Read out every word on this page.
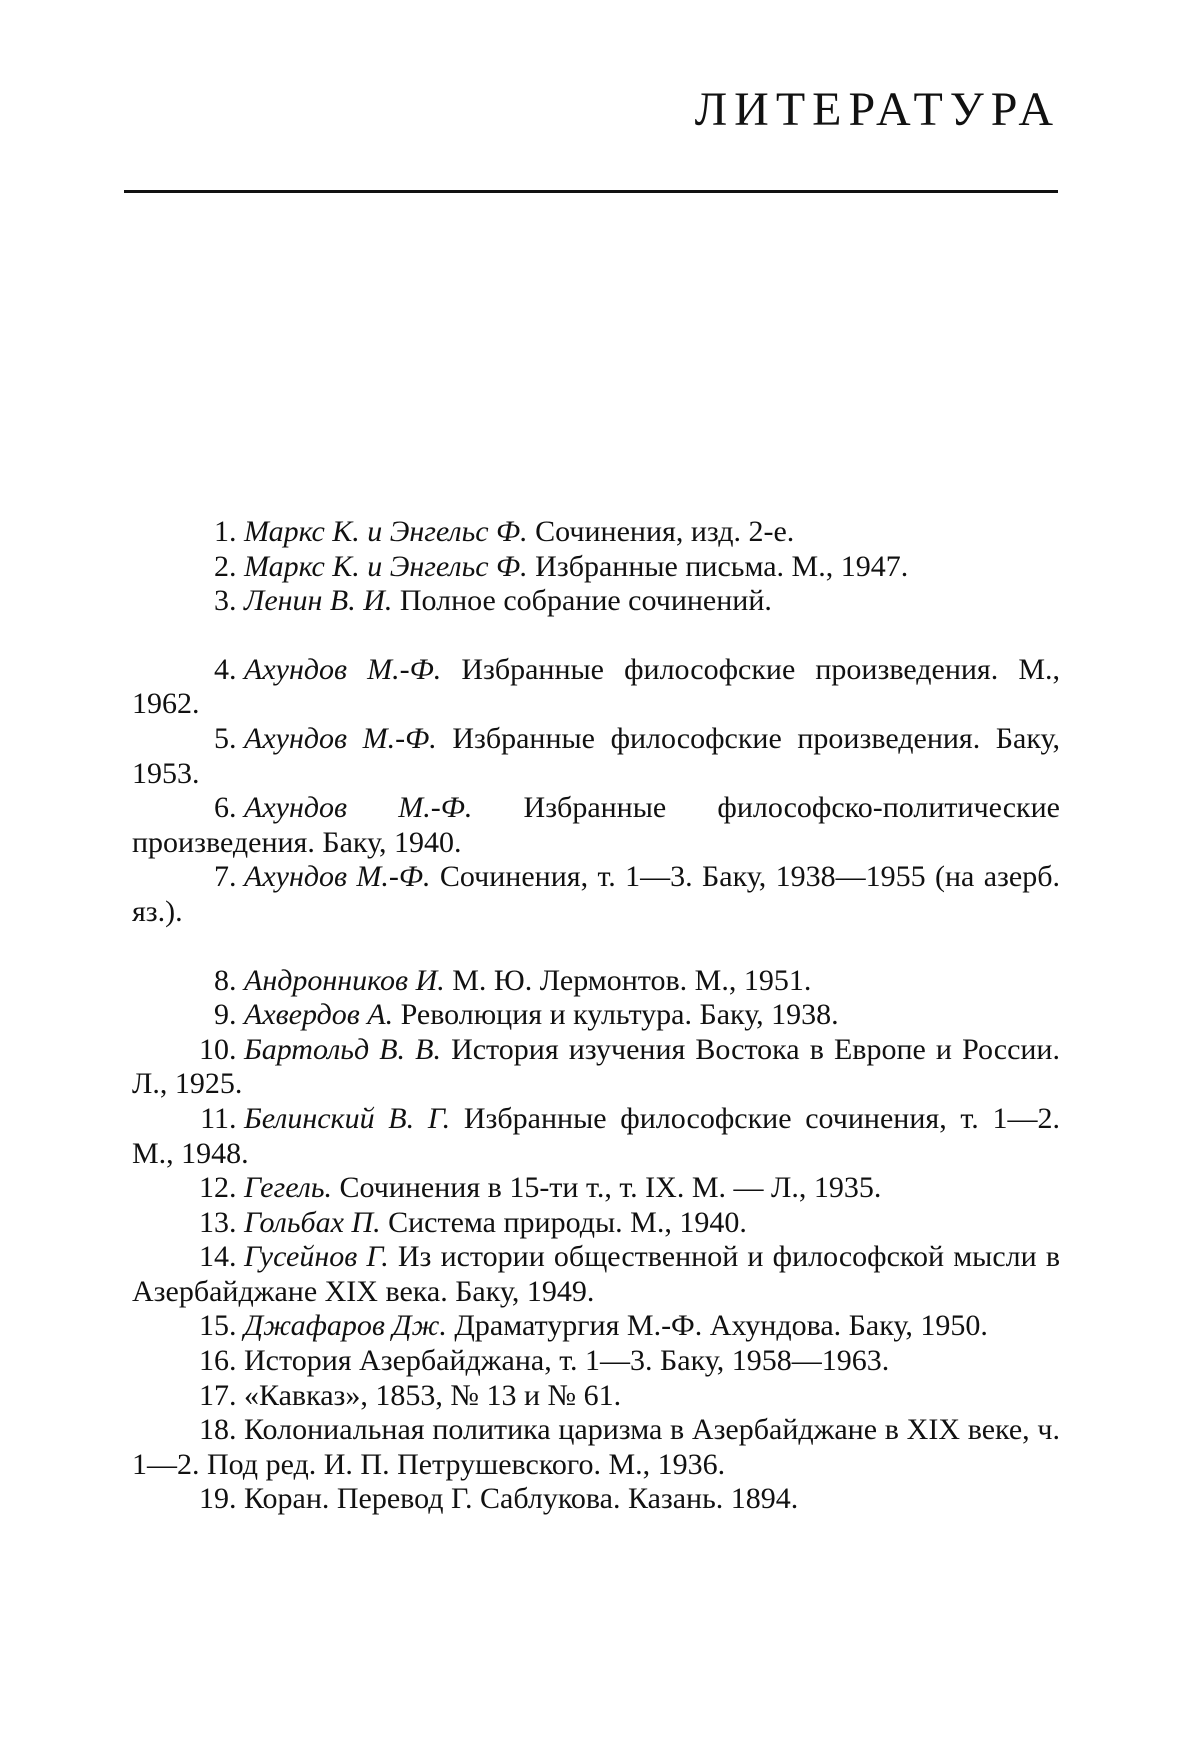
ЛИТЕРАТУРА
1. Маркс К. и Энгельс Ф. Сочинения, изд. 2-е.
2. Маркс К. и Энгельс Ф. Избранные письма. М., 1947.
3. Ленин В. И. Полное собрание сочинений.
4. Ахундов М.-Ф. Избранные философские произведения. М., 1962.
5. Ахундов М.-Ф. Избранные философские произведения. Баку, 1953.
6. Ахундов М.-Ф. Избранные философско-политические произведения. Баку, 1940.
7. Ахундов М.-Ф. Сочинения, т. 1—3. Баку, 1938—1955 (на азерб. яз.).
8. Андронников И. М. Ю. Лермонтов. М., 1951.
9. Ахвердов А. Революция и культура. Баку, 1938.
10. Бартольд В. В. История изучения Востока в Европе и России. Л., 1925.
11. Белинский В. Г. Избранные философские сочинения, т. 1—2. М., 1948.
12. Гегель. Сочинения в 15-ти т., т. IX. М. — Л., 1935.
13. Гольбах П. Система природы. М., 1940.
14. Гусейнов Г. Из истории общественной и философской мысли в Азербайджане XIX века. Баку, 1949.
15. Джафаров Дж. Драматургия М.-Ф. Ахундова. Баку, 1950.
16. История Азербайджана, т. 1—3. Баку, 1958—1963.
17. «Кавказ», 1853, № 13 и № 61.
18. Колониальная политика царизма в Азербайджане в XIX веке, ч. 1—2. Под ред. И. П. Петрушевского. М., 1936.
19. Коран. Перевод Г. Саблукова. Казань. 1894.
